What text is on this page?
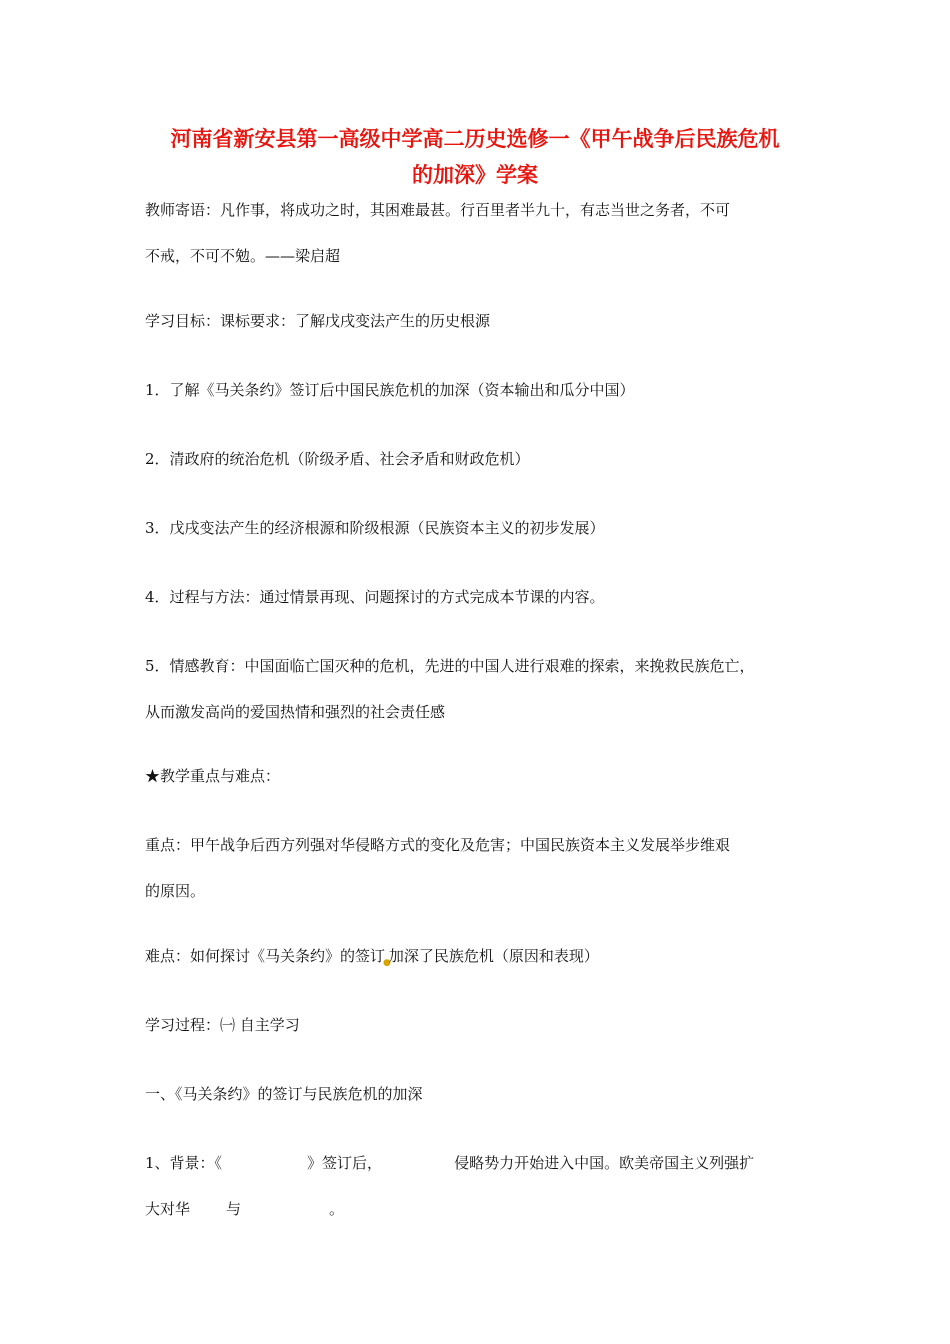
河南省新安县第一高级中学高二历史选修一《甲午战争后民族危机
的加深》学案

教师寄语：凡作事，将成功之时，其困难最甚。行百里者半九十，有志当世之务者，不可
不戒，不可不勉。——梁启超

学习目标：课标要求：了解戊戌变法产生的历史根源

1．了解《马关条约》签订后中国民族危机的加深（资本输出和瓜分中国）

2．清政府的统治危机（阶级矛盾、社会矛盾和财政危机）

3．戊戌变法产生的经济根源和阶级根源（民族资本主义的初步发展）

4．过程与方法：通过情景再现、问题探讨的方式完成本节课的内容。

5．情感教育：中国面临亡国灭种的危机，先进的中国人进行艰难的探索，来挽救民族危亡，
从而激发高尚的爱国热情和强烈的社会责任感

★教学重点与难点：

重点：甲午战争后西方列强对华侵略方式的变化及危害；中国民族资本主义发展举步维艰
的原因。

难点：如何探讨《马关条约》的签订$_●$加深了民族危机（原因和表现）

学习过程：㈠ 自主学习

一、《马关条约》的签订与民族危机的加深

1、背景：《	》签订后，	侵略势力开始进入中国。欧美帝国主义列强扩
大对华 与	。
